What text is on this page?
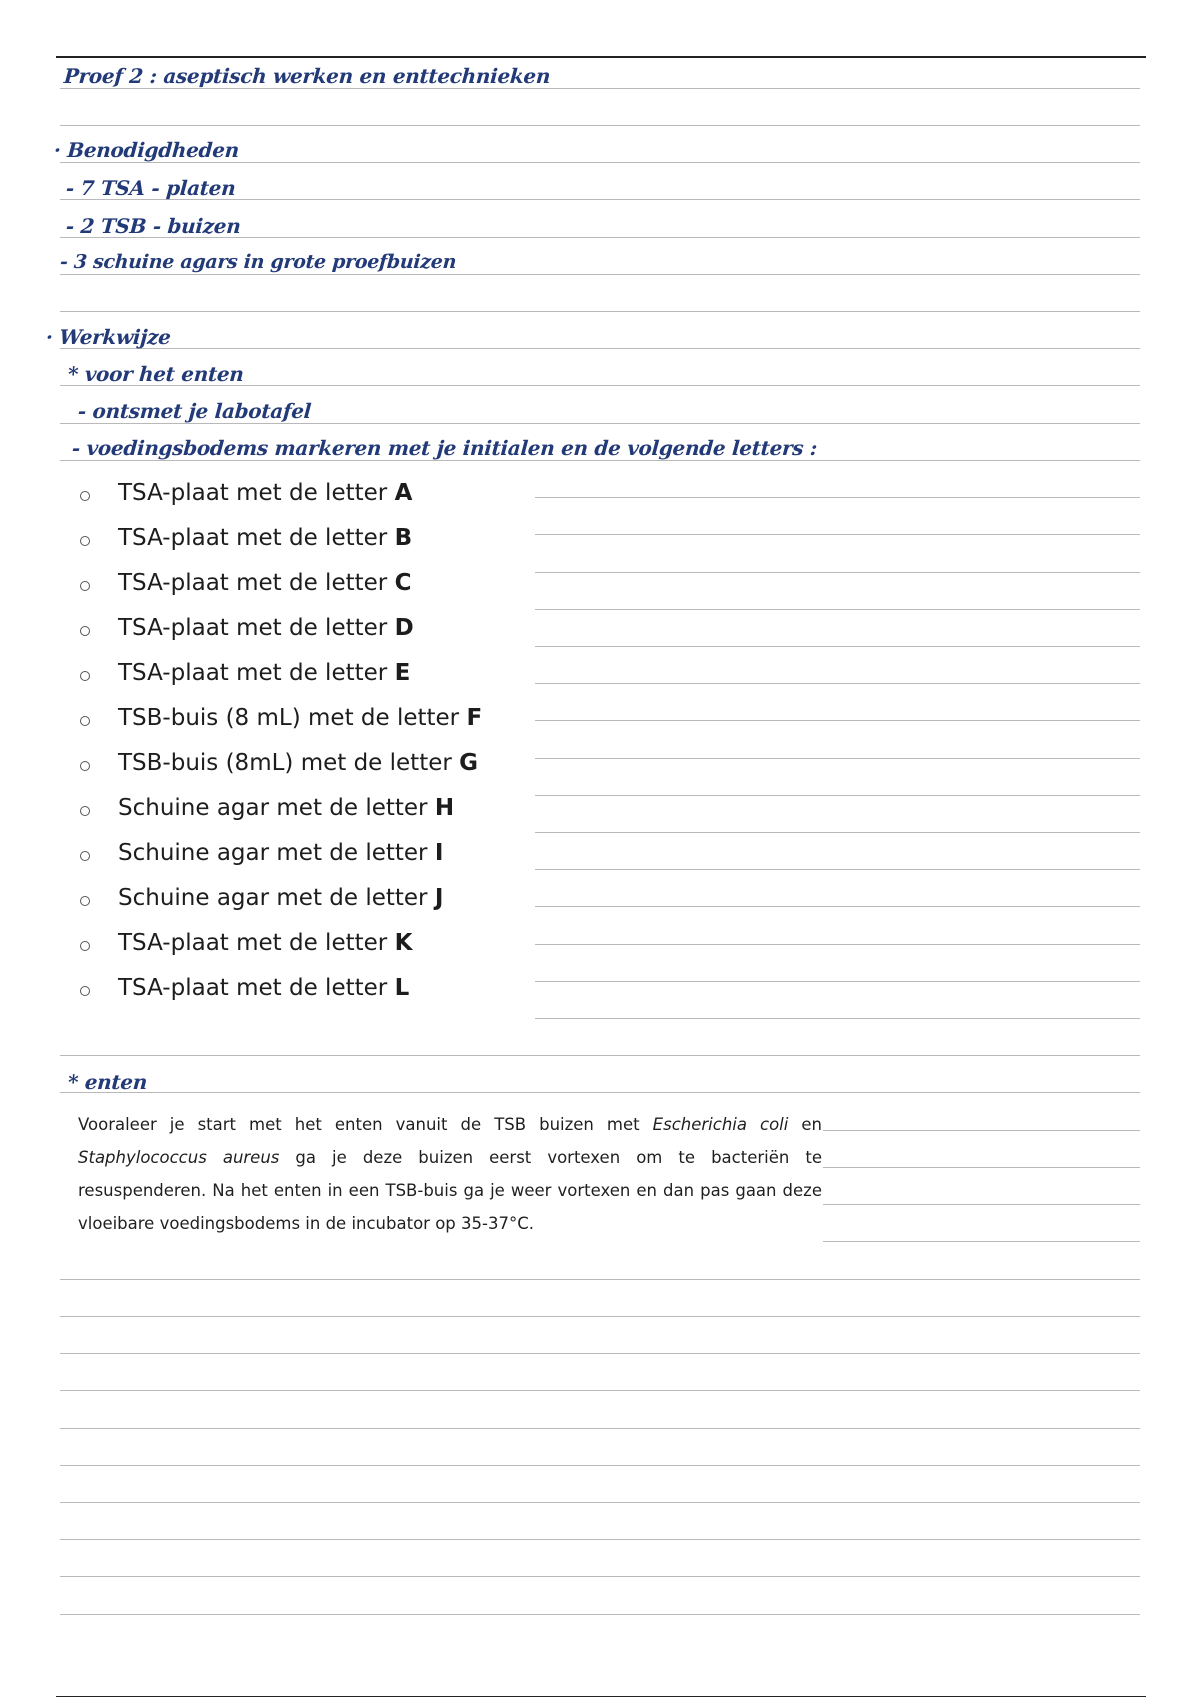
Proef 2 : aseptisch werken en enttechnieken
· Benodigdheden
- 7 TSA - platen
- 2 TSB - buizen
- 3 schuine agars in grote proefbuizen
· Werkwijze
* voor het enten
- ontsmet je labotafel
- voedingsbodems markeren met je initialen en de volgende letters :
TSA-plaat met de letter A
TSA-plaat met de letter B
TSA-plaat met de letter C
TSA-plaat met de letter D
TSA-plaat met de letter E
TSB-buis (8 mL) met de letter F
TSB-buis (8mL) met de letter G
Schuine agar met de letter H
Schuine agar met de letter I
Schuine agar met de letter J
TSA-plaat met de letter K
TSA-plaat met de letter L
* enten
Vooraleer je start met het enten vanuit de TSB buizen met Escherichia coli en Staphylococcus aureus ga je deze buizen eerst vortexen om te bacteriën te resuspenderen. Na het enten in een TSB-buis ga je weer vortexen en dan pas gaan deze vloeibare voedingsbodems in de incubator op 35-37°C.
